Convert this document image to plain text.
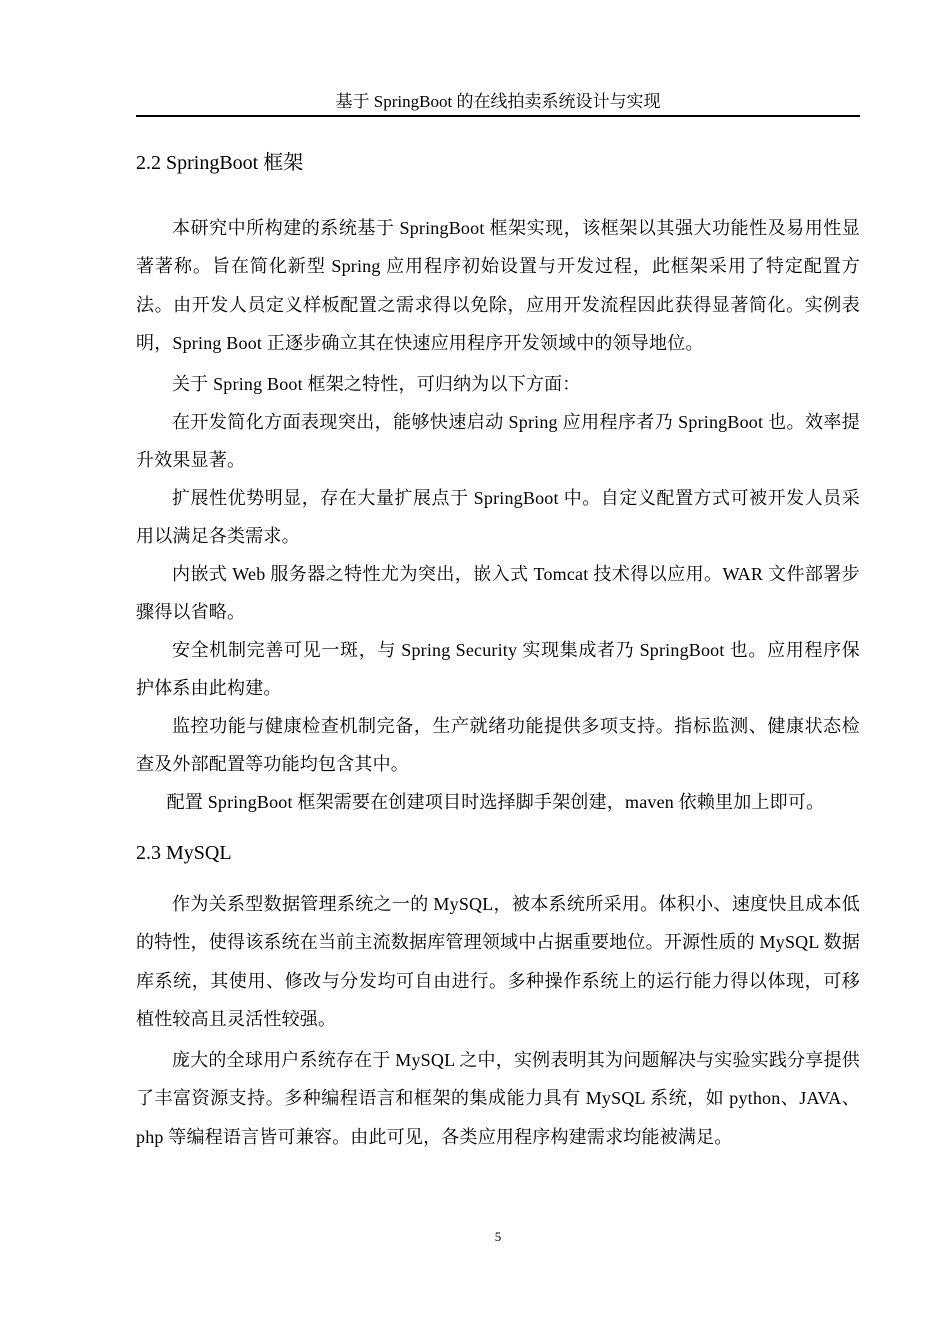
基于 SpringBoot 的在线拍卖系统设计与实现
2.2 SpringBoot 框架

本研究中所构建的系统基于 SpringBoot 框架实现，该框架以其强大功能性及易用性显著著称。旨在简化新型 Spring 应用程序初始设置与开发过程，此框架采用了特定配置方法。由开发人员定义样板配置之需求得以免除，应用开发流程因此获得显著简化。实例表明，Spring Boot 正逐步确立其在快速应用程序开发领域中的领导地位。

关于 Spring Boot 框架之特性，可归纳为以下方面：

在开发简化方面表现突出，能够快速启动 Spring 应用程序者乃 SpringBoot 也。效率提升效果显著。

扩展性优势明显，存在大量扩展点于 SpringBoot 中。自定义配置方式可被开发人员采用以满足各类需求。

内嵌式 Web 服务器之特性尤为突出，嵌入式 Tomcat 技术得以应用。WAR 文件部署步骤得以省略。

安全机制完善可见一斑，与 Spring Security 实现集成者乃 SpringBoot 也。应用程序保护体系由此构建。

监控功能与健康检查机制完备，生产就绪功能提供多项支持。指标监测、健康状态检查及外部配置等功能均包含其中。

配置 SpringBoot 框架需要在创建项目时选择脚手架创建，maven 依赖里加上即可。

2.3 MySQL

作为关系型数据管理系统之一的 MySQL，被本系统所采用。体积小、速度快且成本低的特性，使得该系统在当前主流数据库管理领域中占据重要地位。开源性质的 MySQL 数据库系统，其使用、修改与分发均可自由进行。多种操作系统上的运行能力得以体现，可移植性较高且灵活性较强。

庞大的全球用户系统存在于 MySQL 之中，实例表明其为问题解决与实验实践分享提供了丰富资源支持。多种编程语言和框架的集成能力具有 MySQL 系统，如 python、JAVA、php 等编程语言皆可兼容。由此可见，各类应用程序构建需求均能被满足。

5
